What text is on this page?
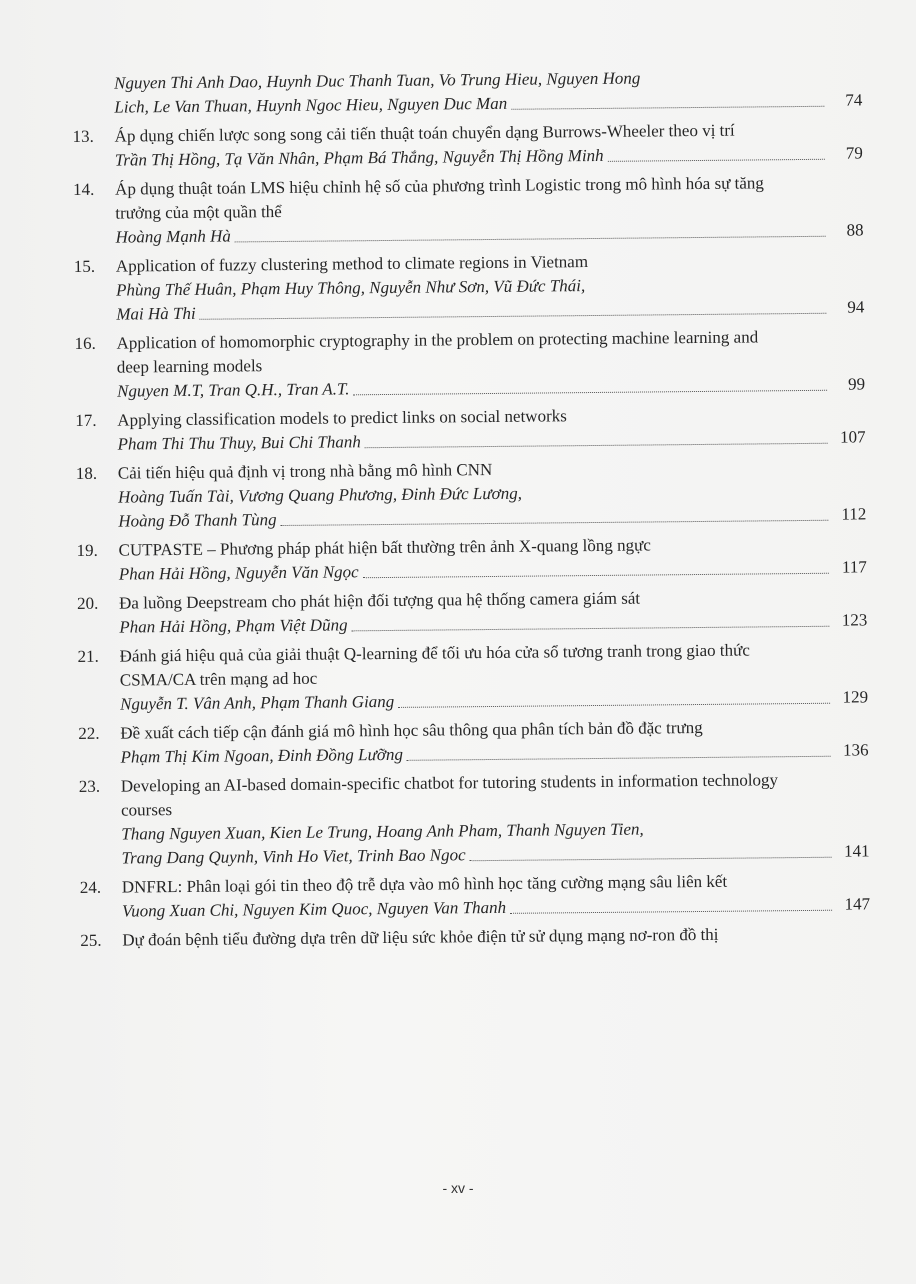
Nguyen Thi Anh Dao, Huynh Duc Thanh Tuan, Vo Trung Hieu, Nguyen Hong
Lich, Le Van Thuan, Huynh Ngoc Hieu, Nguyen Duc Man	74
13.	Áp dụng chiến lược song song cải tiến thuật toán chuyển dạng Burrows-Wheeler theo vị trí
Trần Thị Hồng, Tạ Văn Nhân, Phạm Bá Thắng, Nguyễn Thị Hồng Minh	79
14.	Áp dụng thuật toán LMS hiệu chỉnh hệ số của phương trình Logistic trong mô hình hóa sự tăng trưởng của một quần thể
Hoàng Mạnh Hà	88
15.	Application of fuzzy clustering method to climate regions in Vietnam
Phùng Thế Huân, Phạm Huy Thông, Nguyễn Như Sơn, Vũ Đức Thái,
Mai Hà Thi	94
16.	Application of homomorphic cryptography in the problem on protecting machine learning and deep learning models
Nguyen M.T, Tran Q.H., Tran A.T.	99
17.	Applying classification models to predict links on social networks
Pham Thi Thu Thuy, Bui Chi Thanh	107
18.	Cải tiến hiệu quả định vị trong nhà bằng mô hình CNN
Hoàng Tuấn Tài, Vương Quang Phương, Đinh Đức Lương,
Hoàng Đỗ Thanh Tùng	112
19.	CUTPASTE – Phương pháp phát hiện bất thường trên ảnh X-quang lồng ngực
Phan Hải Hồng, Nguyễn Văn Ngọc	117
20.	Đa luồng Deepstream cho phát hiện đối tượng qua hệ thống camera giám sát
Phan Hải Hồng, Phạm Việt Dũng	123
21.	Đánh giá hiệu quả của giải thuật Q-learning để tối ưu hóa cửa sổ tương tranh trong giao thức CSMA/CA trên mạng ad hoc
Nguyễn T. Vân Anh, Phạm Thanh Giang	129
22.	Đề xuất cách tiếp cận đánh giá mô hình học sâu thông qua phân tích bản đồ đặc trưng
Phạm Thị Kim Ngoan, Đinh Đồng Lưỡng	136
23.	Developing an AI-based domain-specific chatbot for tutoring students in information technology courses
Thang Nguyen Xuan, Kien Le Trung, Hoang Anh Pham, Thanh Nguyen Tien,
Trang Dang Quynh, Vinh Ho Viet, Trinh Bao Ngoc	141
24.	DNFRL: Phân loại gói tin theo độ trễ dựa vào mô hình học tăng cường mạng sâu liên kết
Vuong Xuan Chi, Nguyen Kim Quoc, Nguyen Van Thanh	147
25.	Dự đoán bệnh tiểu đường dựa trên dữ liệu sức khỏe điện tử sử dụng mạng nơ-ron đồ thị
- xv -
